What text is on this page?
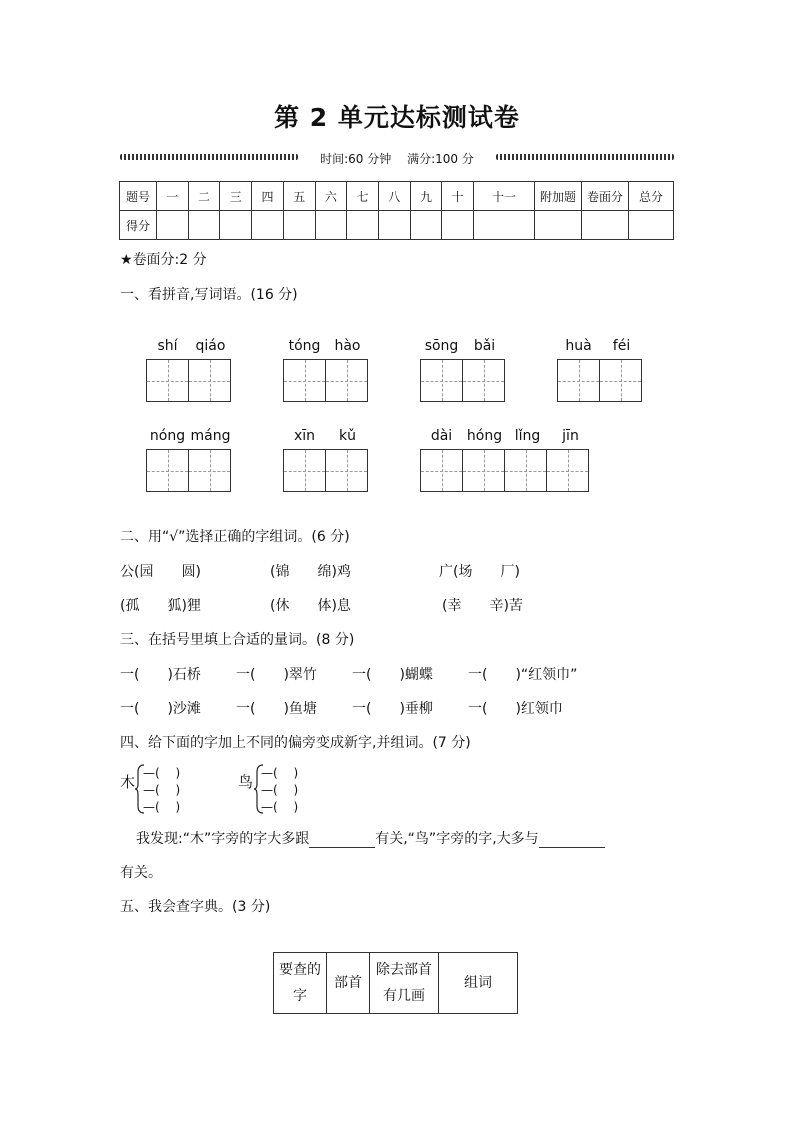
第 2 单元达标测试卷
时间:60 分钟 满分:100 分
题号	一	二	三	四	五	六	七	八	九	十	十一	附加题	卷面分	总分
得分														
★卷面分:2 分
一、看拼音,写词语。(16 分)
shí	qiáo	tóng	hào	sōng	bǎi	huà	féi
nóng máng	xīn	kǔ	dài	hóng lǐng	jīn
二、用“√”选择正确的字组词。(6 分)
公(园　　圆)	(锦　　绵)鸡	广(场　　厂)
(孤　　狐)狸	(休　　体)息	(幸　　辛)苦
三、在括号里填上合适的量词。(8 分)
一(　　)石桥	一(　　)翠竹	一(　　)蝴蝶	一(　　)“红领巾”
一(　　)沙滩	一(　　)鱼塘	一(　　)垂柳	一(　　)红领巾
四、给下面的字加上不同的偏旁变成新字,并组词。(7 分)
木 —(　 )
—(　 )
—(　 )
鸟 —(　 )
—(　 )
—(　 )
我发现:“木”字旁的字大多跟	有关,“鸟”字旁的字,大多与
有关。
五、我会查字典。(3 分)
要查的字	部首	除去部首有几画	组词
